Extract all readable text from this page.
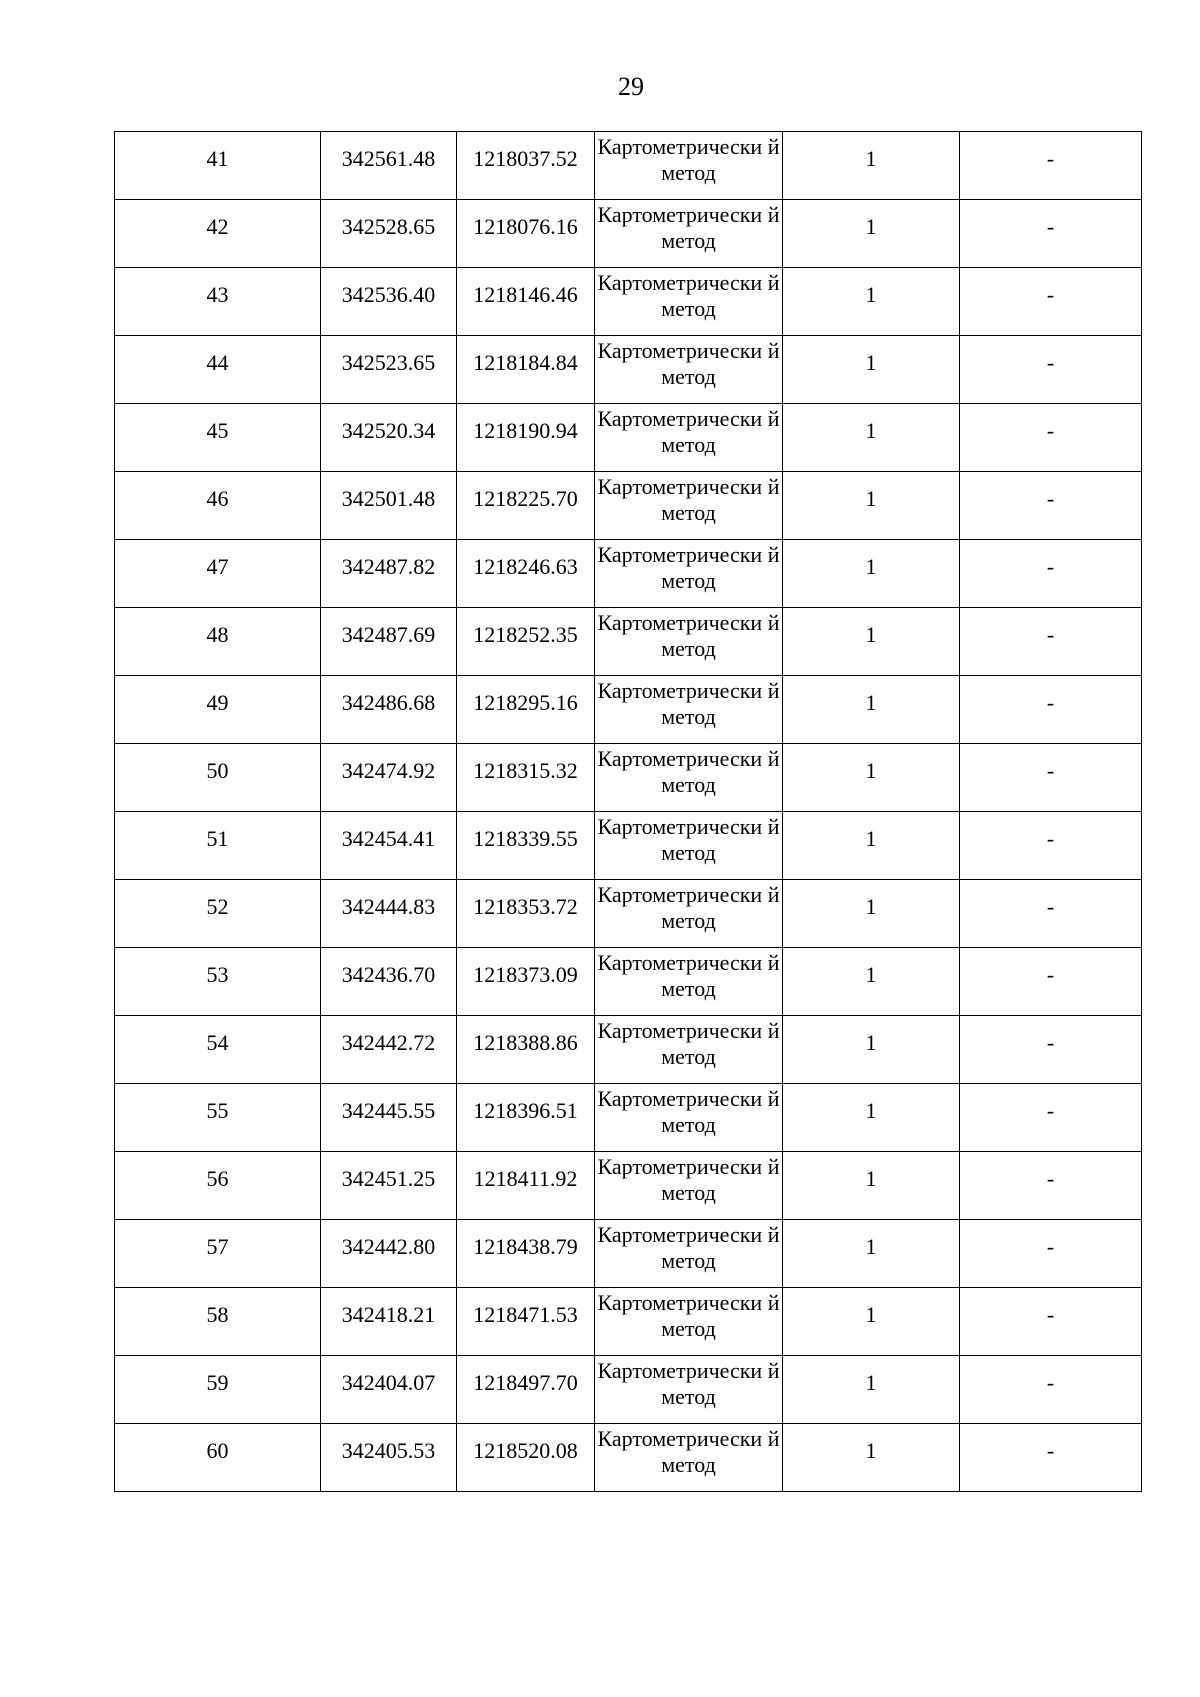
29
41	342561.48	1218037.52	Картометрически й метод	1	-

42	342528.65	1218076.16	Картометрически й метод	1	-

43	342536.40	1218146.46	Картометрически й метод	1	-

44	342523.65	1218184.84	Картометрически й метод	1	-

45	342520.34	1218190.94	Картометрически й метод	1	-

46	342501.48	1218225.70	Картометрически й метод	1	-

47	342487.82	1218246.63	Картометрически й метод	1	-

48	342487.69	1218252.35	Картометрически й метод	1	-

49	342486.68	1218295.16	Картометрически й метод	1	-

50	342474.92	1218315.32	Картометрически й метод	1	-

51	342454.41	1218339.55	Картометрически й метод	1	-

52	342444.83	1218353.72	Картометрически й метод	1	-

53	342436.70	1218373.09	Картометрически й метод	1	-

54	342442.72	1218388.86	Картометрически й метод	1	-

55	342445.55	1218396.51	Картометрически й метод	1	-

56	342451.25	1218411.92	Картометрически й метод	1	-

57	342442.80	1218438.79	Картометрически й метод	1	-

58	342418.21	1218471.53	Картометрически й метод	1	-

59	342404.07	1218497.70	Картометрически й метод	1	-

60	342405.53	1218520.08	Картометрически й метод	1	-
